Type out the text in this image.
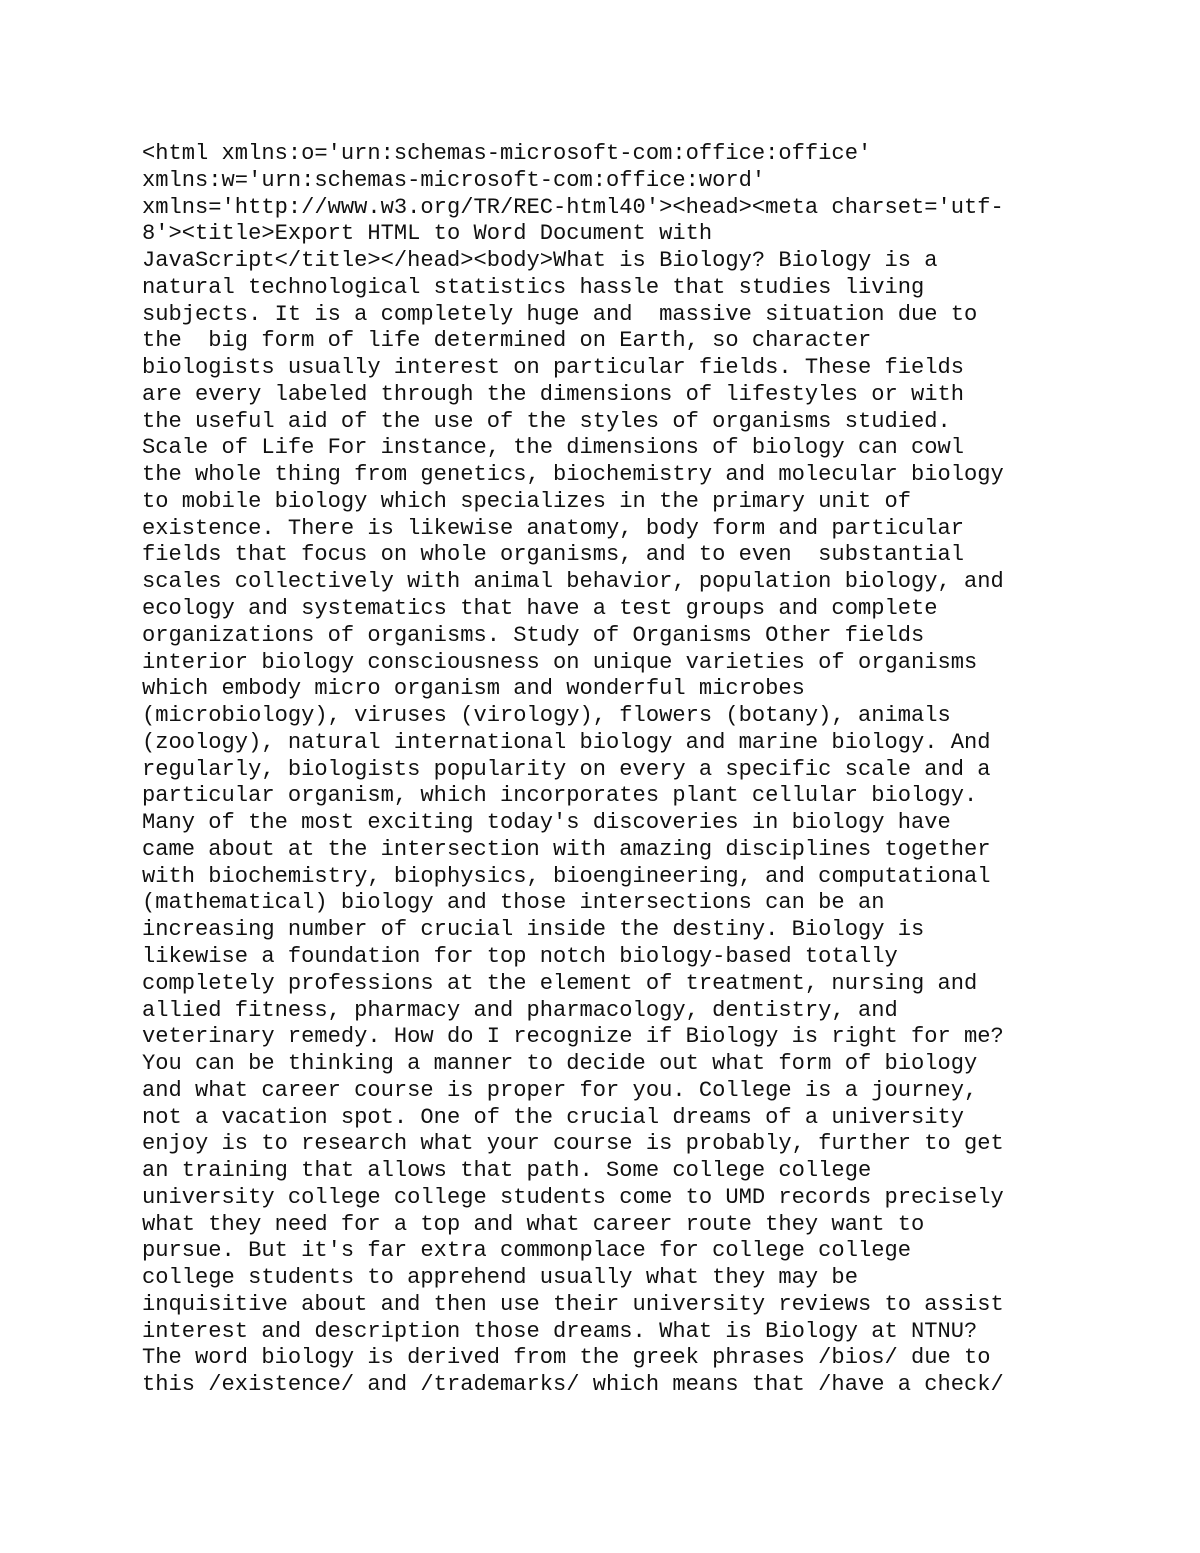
<html xmlns:o='urn:schemas-microsoft-com:office:office'
xmlns:w='urn:schemas-microsoft-com:office:word'
xmlns='http://www.w3.org/TR/REC-html40'><head><meta charset='utf-
8'><title>Export HTML to Word Document with
JavaScript</title></head><body>What is Biology? Biology is a
natural technological statistics hassle that studies living
subjects. It is a completely huge and  massive situation due to
the  big form of life determined on Earth, so character
biologists usually interest on particular fields. These fields
are every labeled through the dimensions of lifestyles or with
the useful aid of the use of the styles of organisms studied.
Scale of Life For instance, the dimensions of biology can cowl
the whole thing from genetics, biochemistry and molecular biology
to mobile biology which specializes in the primary unit of
existence. There is likewise anatomy, body form and particular
fields that focus on whole organisms, and to even  substantial
scales collectively with animal behavior, population biology, and
ecology and systematics that have a test groups and complete
organizations of organisms. Study of Organisms Other fields
interior biology consciousness on unique varieties of organisms
which embody micro organism and wonderful microbes
(microbiology), viruses (virology), flowers (botany), animals
(zoology), natural international biology and marine biology. And
regularly, biologists popularity on every a specific scale and a
particular organism, which incorporates plant cellular biology.
Many of the most exciting today's discoveries in biology have
came about at the intersection with amazing disciplines together
with biochemistry, biophysics, bioengineering, and computational
(mathematical) biology and those intersections can be an
increasing number of crucial inside the destiny. Biology is
likewise a foundation for top notch biology-based totally
completely professions at the element of treatment, nursing and
allied fitness, pharmacy and pharmacology, dentistry, and
veterinary remedy. How do I recognize if Biology is right for me?
You can be thinking a manner to decide out what form of biology
and what career course is proper for you. College is a journey,
not a vacation spot. One of the crucial dreams of a university
enjoy is to research what your course is probably, further to get
an training that allows that path. Some college college
university college college students come to UMD records precisely
what they need for a top and what career route they want to
pursue. But it's far extra commonplace for college college
college students to apprehend usually what they may be
inquisitive about and then use their university reviews to assist
interest and description those dreams. What is Biology at NTNU?
The word biology is derived from the greek phrases /bios/ due to
this /existence/ and /trademarks/ which means that /have a check/
